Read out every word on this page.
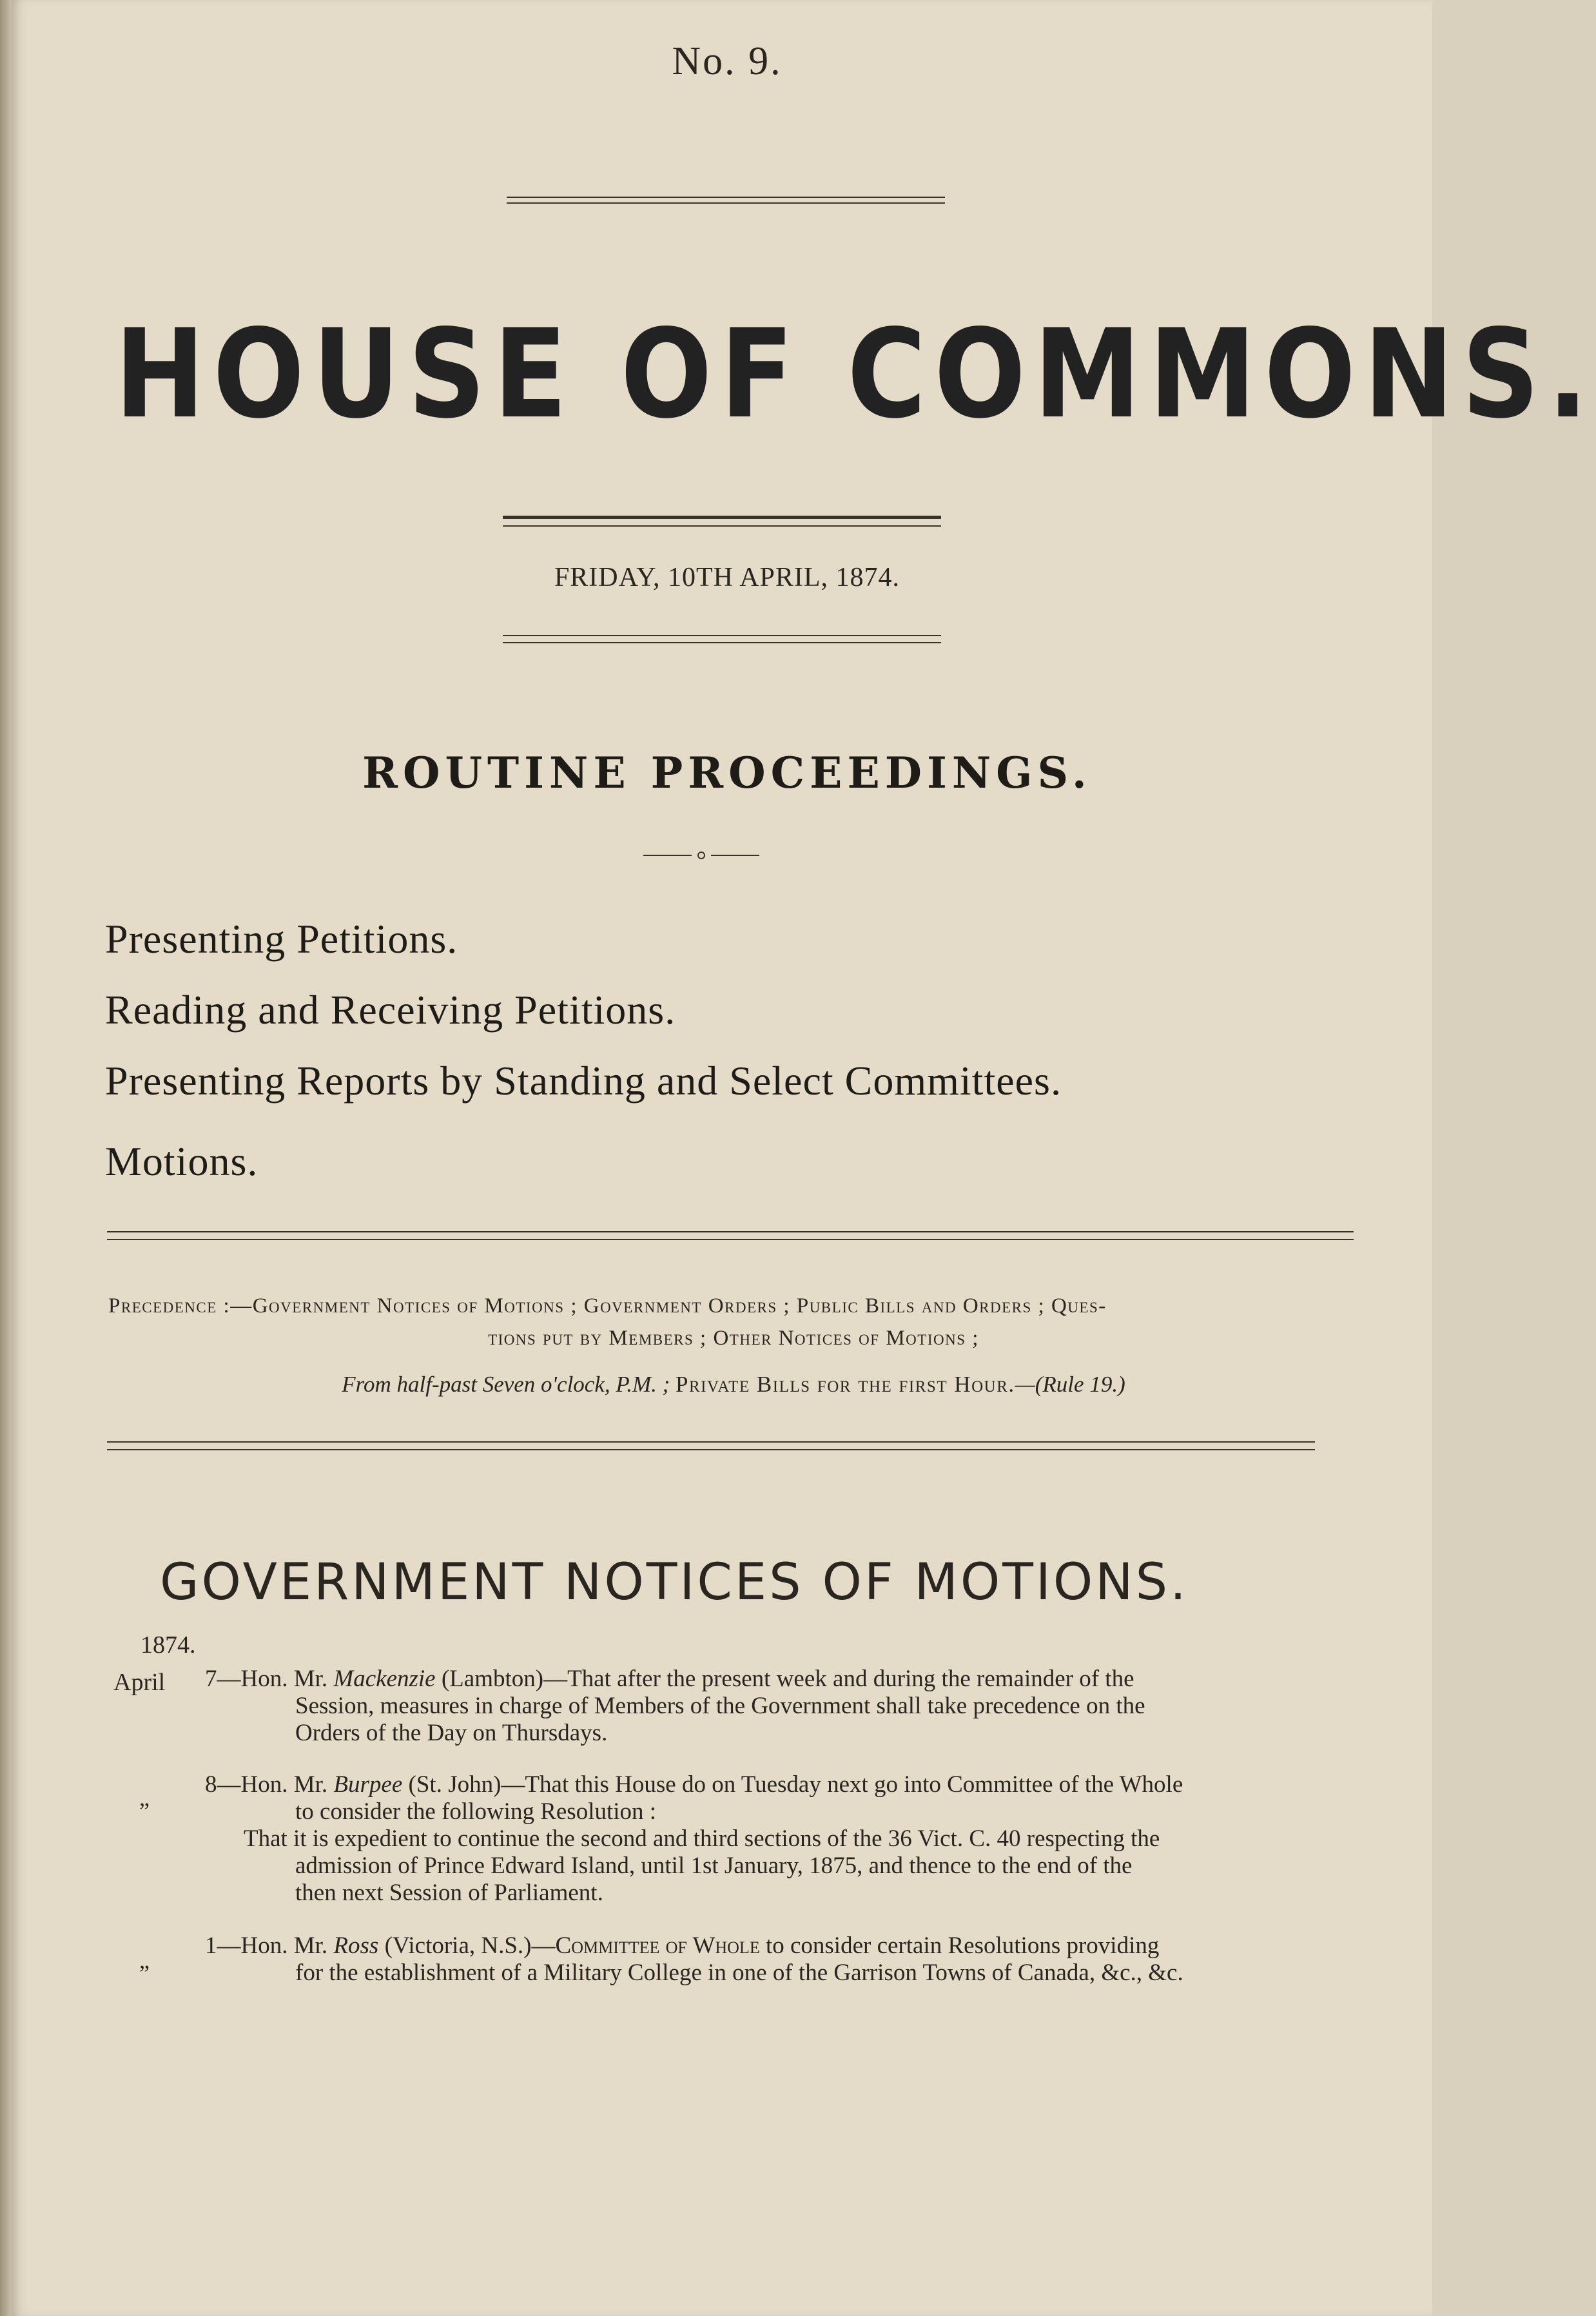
No. 9.
HOUSE OF COMMONS.
FRIDAY, 10TH APRIL, 1874.
ROUTINE PROCEEDINGS.
Presenting Petitions.
Reading and Receiving Petitions.
Presenting Reports by Standing and Select Committees.
Motions.
Precedence :—Government Notices of Motions ; Government Orders ; Public Bills and Orders ; Ques-
tions put by Members ; Other Notices of Motions ;
From half-past Seven o'clock, P.M. ; Private Bills for the first Hour.—(Rule 19.)
GOVERNMENT NOTICES OF MOTIONS.
1874.
April 7—Hon. Mr. Mackenzie (Lambton)—That after the present week and during the remainder of the
Session, measures in charge of Members of the Government shall take precedence on the
Orders of the Day on Thursdays.
„ 8—Hon. Mr. Burpee (St. John)—That this House do on Tuesday next go into Committee of the Whole
to consider the following Resolution :
That it is expedient to continue the second and third sections of the 36 Vict. C. 40 respecting the
admission of Prince Edward Island, until 1st January, 1875, and thence to the end of the
then next Session of Parliament.
„
1—Hon. Mr. Ross (Victoria, N.S.)—Committee of Whole to consider certain Resolutions providing
for the establishment of a Military College in one of the Garrison Towns of Canada, &c., &c.
